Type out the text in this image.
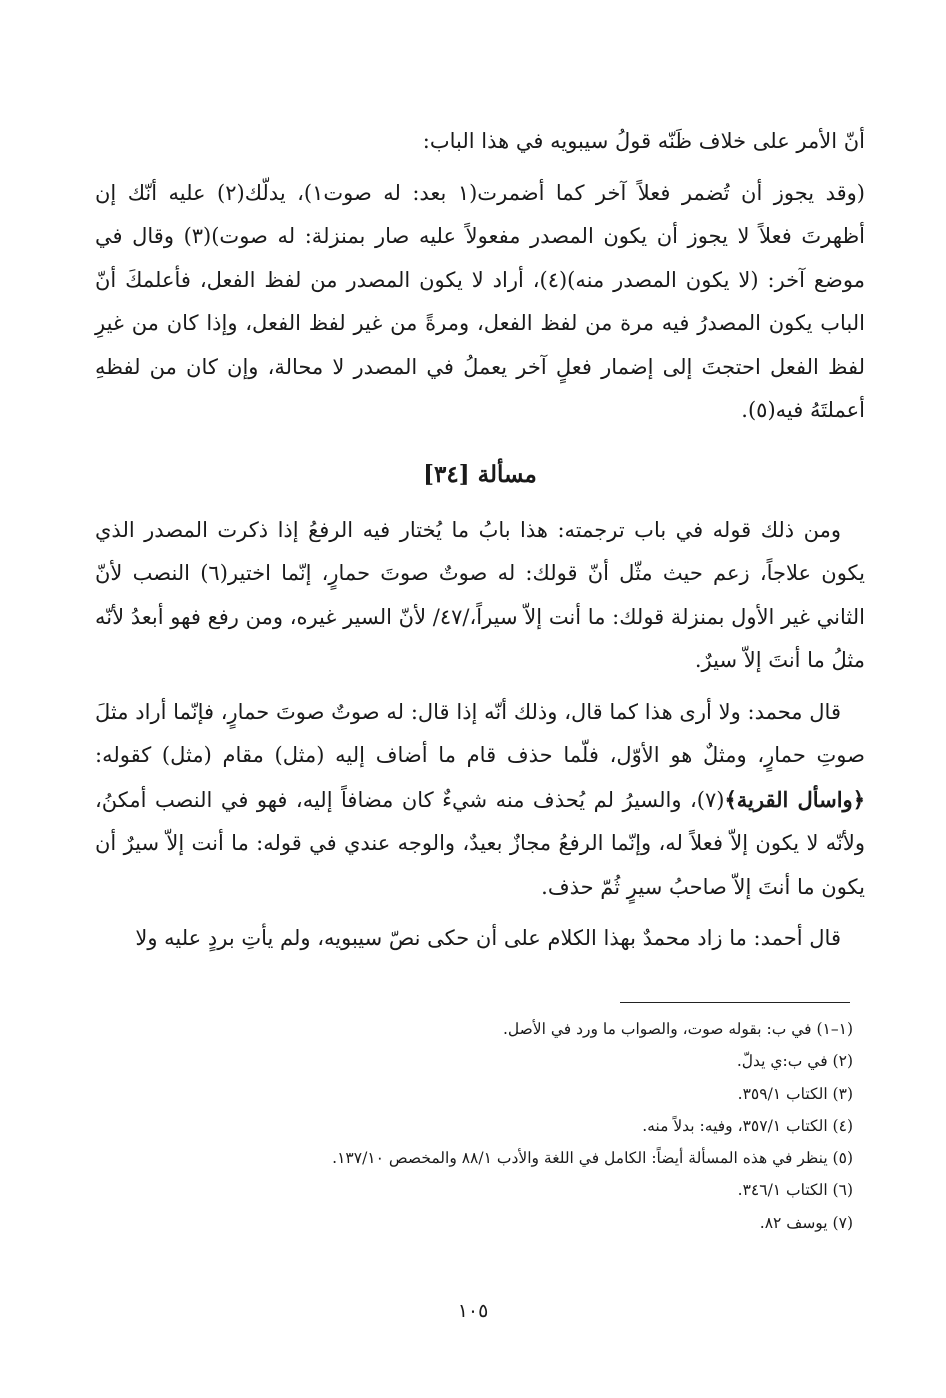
أنّ الأمر على خلاف ظَنّه قولُ سيبويه في هذا الباب:

(وقد يجوز أن تُضمر فعلاً آخر كما أضمرت(١ بعد: له صوت١)، يدلّك(٢) عليه أنّك إن أظهرتَ فعلاً لا يجوز أن يكون المصدر مفعولاً عليه صار بمنزلة: له صوت)(٣) وقال في موضع آخر: (لا يكون المصدر منه)(٤)، أراد لا يكون المصدر من لفظ الفعل، فأعلمكَ أنّ الباب يكون المصدرُ فيه مرة من لفظ الفعل، ومرةً من غير لفظ الفعل، وإذا كان من غيرِ لفظ الفعل احتجتَ إلى إضمار فعلٍ آخر يعملُ في المصدر لا محالة، وإن كان من لفظهِ أعملتَهُ فيه(٥).

مسألة [٣٤]

ومن ذلك قوله في باب ترجمته: هذا بابُ ما يُختار فيه الرفعُ إذا ذكرت المصدر الذي يكون علاجاً، زعم حيث مثّل أنّ قولك: له صوتٌ صوتَ حمارٍ، إنّما اختير(٦) النصب لأنّ الثاني غير الأول بمنزلة قولك: ما أنت إلاّ سيراً،/٤٧/ لأنّ السير غيره، ومن رفع فهو أبعدُ لأنّه مثلُ ما أنتَ إلاّ سيرٌ.

قال محمد: ولا أرى هذا كما قال، وذلك أنّه إذا قال: له صوتٌ صوتَ حمارٍ، فإنّما أراد مثلَ صوتِ حمارٍ، ومثلٌ هو الأوّل، فلّما حذف قام ما أضاف إليه (مثل) مقام (مثل) كقوله: ﴿واسأل القرية﴾(٧)، والسيرُ لم يُحذف منه شيءٌ كان مضافاً إليه، فهو في النصب أمكنُ، ولأنّه لا يكون إلاّ فعلاً له، وإنّما الرفعُ مجازٌ بعيدٌ، والوجه عندي في قوله: ما أنت إلاّ سيرٌ أن يكون ما أنتَ إلاّ صاحبُ سيرٍ ثُمّ حذف.

قال أحمد: ما زاد محمدٌ بهذا الكلام على أن حكى نصّ سيبويه، ولم يأتِ بردٍ عليه ولا

(١–١) في ب: بقوله صوت، والصواب ما ورد في الأصل.
(٢) في ب:ي يدلّ.
(٣) الكتاب ٣٥٩/١.
(٤) الكتاب ٣٥٧/١، وفيه: بدلاً منه.
(٥) ينظر في هذه المسألة أيضاً: الكامل في اللغة والأدب ٨٨/١ والمخصص ١٣٧/١٠.
(٦) الكتاب ٣٤٦/١.
(٧) يوسف ٨٢.
١٠٥
